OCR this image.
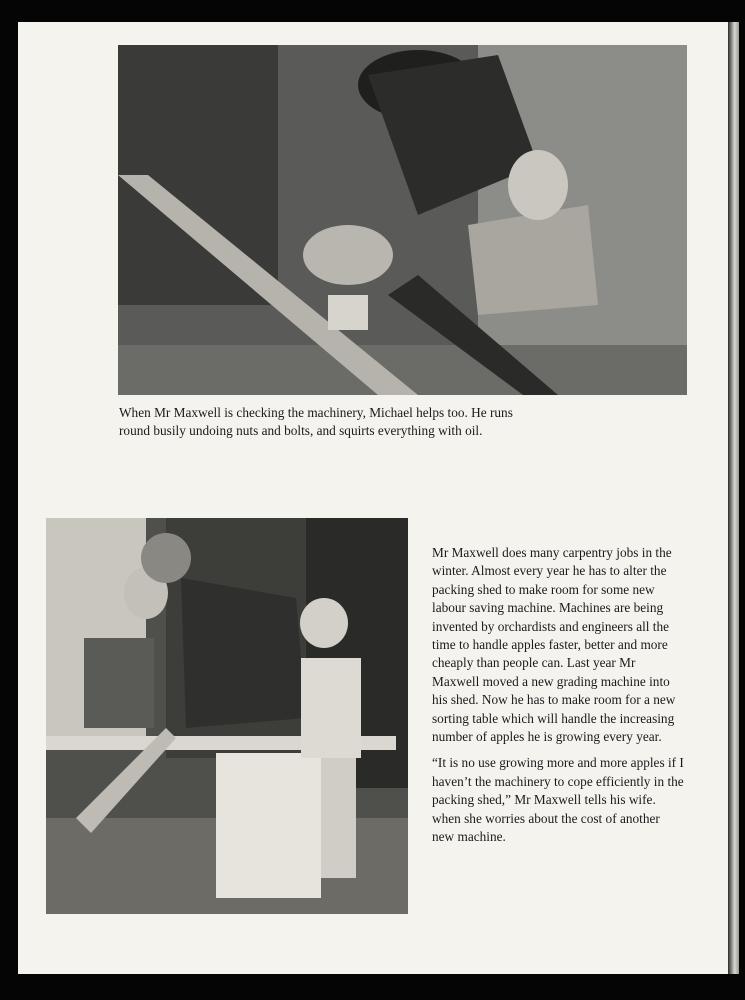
When Mr Maxwell is checking the machinery, Michael helps too. He runs round busily undoing nuts and bolts, and squirts everything with oil.

Mr Maxwell does many carpentry jobs in the winter. Almost every year he has to alter the packing shed to make room for some new labour saving machine. Machines are being invented by orchardists and engineers all the time to handle apples faster, better and more cheaply than people can. Last year Mr Maxwell moved a new grading machine into his shed. Now he has to make room for a new sorting table which will handle the increasing number of apples he is growing every year.

“It is no use growing more and more apples if I haven’t the machinery to cope efficiently in the packing shed,” Mr Maxwell tells his wife. when she worries about the cost of another new machine.
